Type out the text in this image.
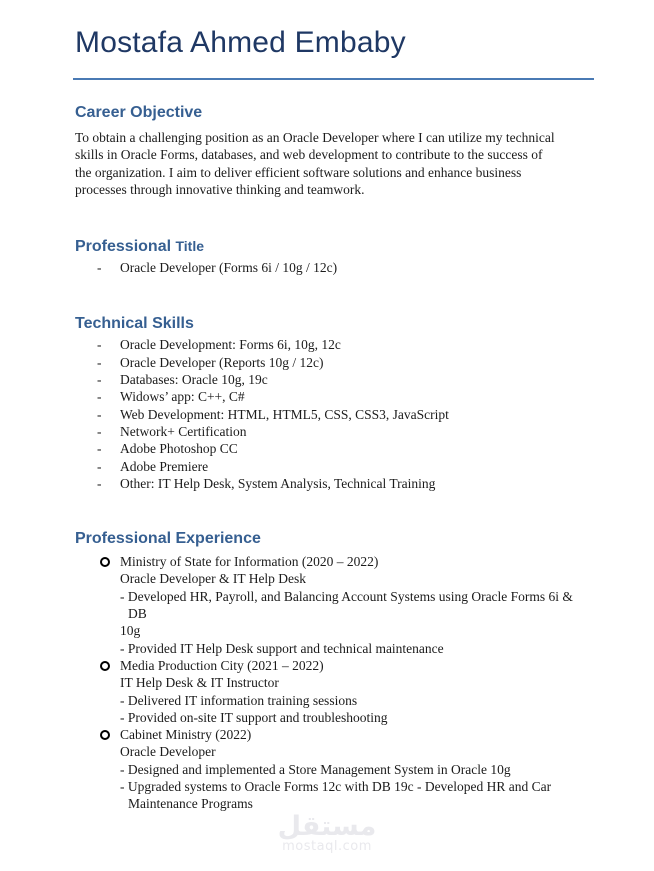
Mostafa Ahmed Embaby
Career Objective

To obtain a challenging position as an Oracle Developer where I can utilize my technical
skills in Oracle Forms, databases, and web development to contribute to the success of
the organization. I aim to deliver efficient software solutions and enhance business
processes through innovative thinking and teamwork.

Professional Title
- Oracle Developer (Forms 6i / 10g / 12c)
Technical Skills
- Oracle Development: Forms 6i, 10g, 12c
- Oracle Developer (Reports 10g / 12c)
- Databases: Oracle 10g, 19c
- Widows’ app: C++, C#
- Web Development: HTML, HTML5, CSS, CSS3, JavaScript
- Network+ Certification
- Adobe Photoshop CC
- Adobe Premiere
- Other: IT Help Desk, System Analysis, Technical Training
Professional Experience
Ministry of State for Information (2020 – 2022)
Oracle Developer & IT Help Desk
- Developed HR, Payroll, and Balancing Account Systems using Oracle Forms 6i &
DB
10g
- Provided IT Help Desk support and technical maintenance
Media Production City (2021 – 2022)
IT Help Desk & IT Instructor
- Delivered IT information training sessions
- Provided on-site IT support and troubleshooting
Cabinet Ministry (2022)
Oracle Developer
- Designed and implemented a Store Management System in Oracle 10g
- Upgraded systems to Oracle Forms 12c with DB 19c - Developed HR and Car
Maintenance Programs
مستقل
mostaql.com
